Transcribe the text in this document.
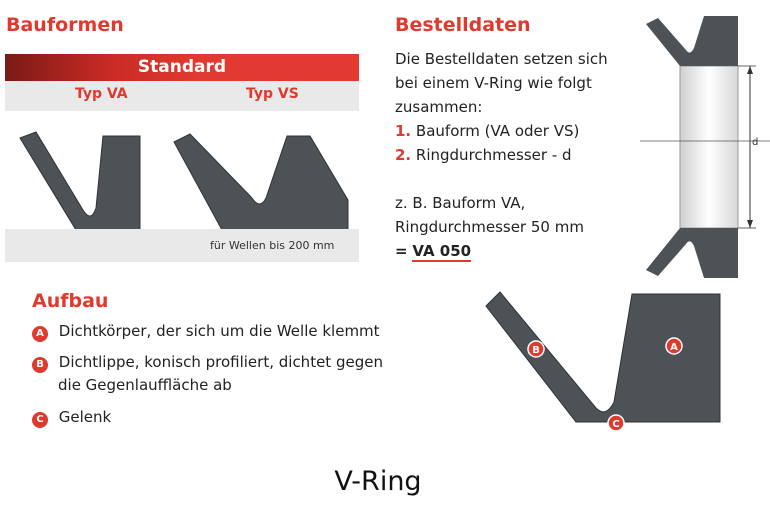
Bauformen
Standard
Typ VA	Typ VS
für Wellen bis 200 mm
Bestelldaten
Die Bestelldaten setzen sich
bei einem V-Ring wie folgt
zusammen:
1. Bauform (VA oder VS)
2. Ringdurchmesser - d
z. B. Bauform VA,
Ringdurchmesser 50 mm
= VA 050
d
Aufbau
A Dichtkörper, der sich um die Welle klemmt
B Dichtlippe, konisch profiliert, dichtet gegen
die Gegenlauffläche ab
C Gelenk
B	A
C
V-Ring
